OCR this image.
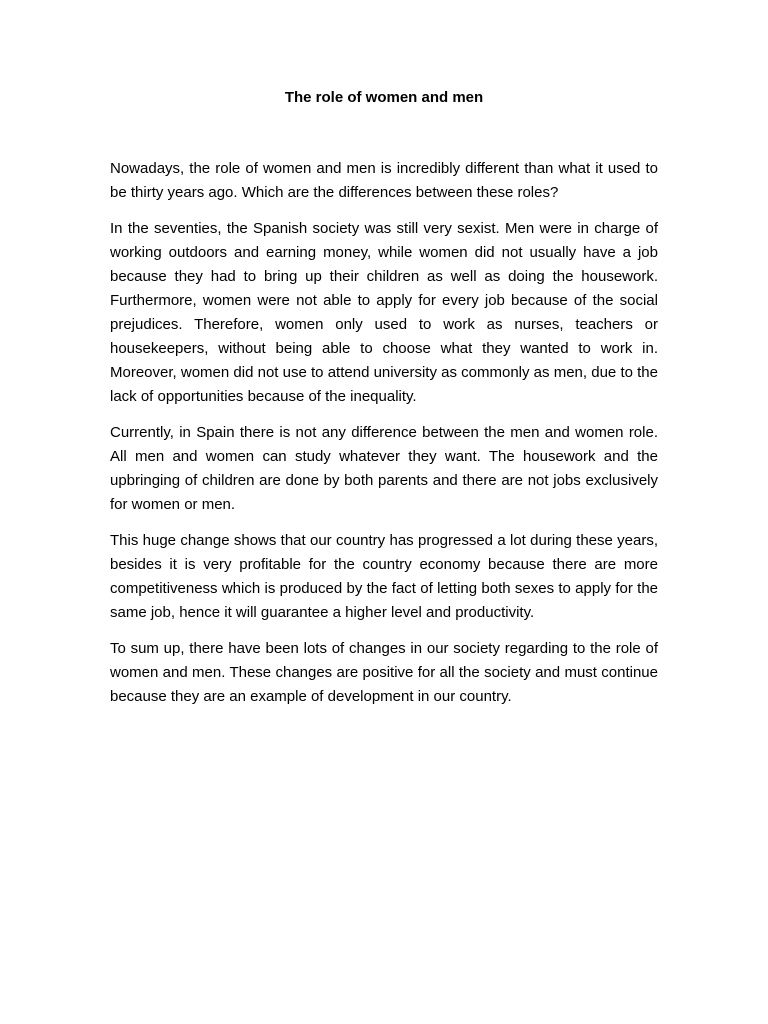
The role of women and men

Nowadays, the role of women and men is incredibly different than what it used to be thirty years ago. Which are the differences between these roles?

In the seventies, the Spanish society was still very sexist. Men were in charge of working outdoors and earning money, while women did not usually have a job because they had to bring up their children as well as doing the housework. Furthermore, women were not able to apply for every job because of the social prejudices. Therefore, women only used to work as nurses, teachers or housekeepers, without being able to choose what they wanted to work in. Moreover, women did not use to attend university as commonly as men, due to the lack of opportunities because of the inequality.

Currently, in Spain there is not any difference between the men and women role. All men and women can study whatever they want. The housework and the upbringing of children are done by both parents and there are not jobs exclusively for women or men.

This huge change shows that our country has progressed a lot during these years, besides it is very profitable for the country economy because there are more competitiveness which is produced by the fact of letting both sexes to apply for the same job, hence it will guarantee a higher level and productivity.

To sum up, there have been lots of changes in our society regarding to the role of women and men. These changes are positive for all the society and must continue because they are an example of development in our country.
